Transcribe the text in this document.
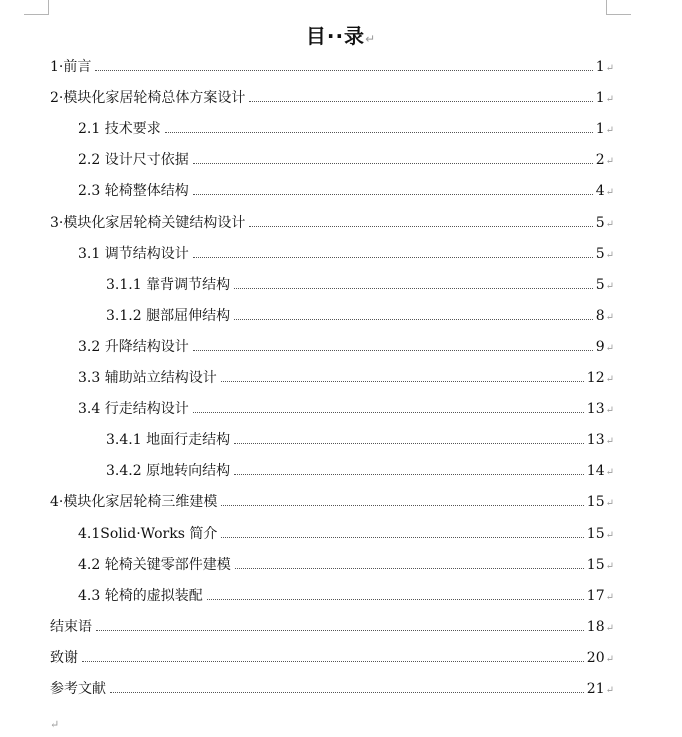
目··录↵
1·前言	1 ↵
2·模块化家居轮椅总体方案设计	1 ↵
2.1 技术要求	1 ↵
2.2 设计尺寸依据	2 ↵
2.3 轮椅整体结构	4 ↵
3·模块化家居轮椅关键结构设计	5 ↵
3.1 调节结构设计	5 ↵
3.1.1 靠背调节结构	5 ↵
3.1.2 腿部屈伸结构	8 ↵
3.2 升降结构设计	9 ↵
3.3 辅助站立结构设计	12 ↵
3.4 行走结构设计	13 ↵
3.4.1 地面行走结构	13 ↵
3.4.2 原地转向结构	14 ↵
4·模块化家居轮椅三维建模	15 ↵
4.1Solid·Works 简介	15 ↵
4.2 轮椅关键零部件建模	15 ↵
4.3 轮椅的虚拟装配	17 ↵
结束语	18 ↵
致谢	20 ↵
参考文献	21 ↵
↵
